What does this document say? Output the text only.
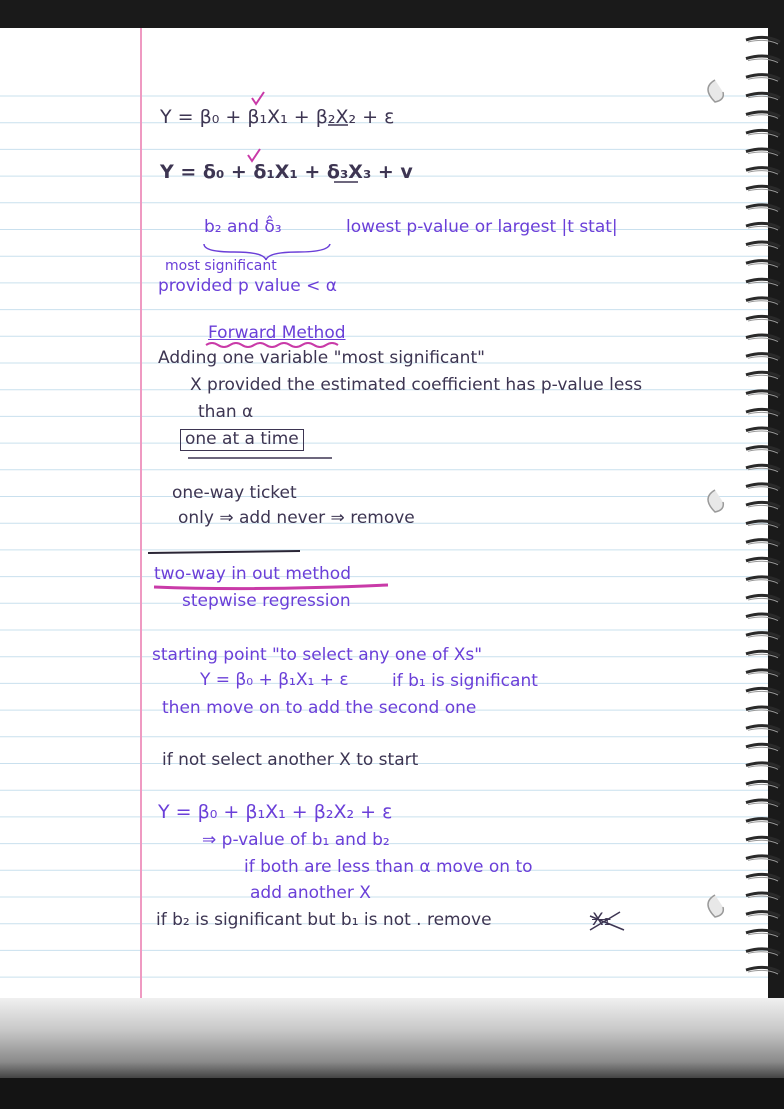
Y = β₀ + β₁X₁ + β₂X₂ + ε
Y = δ₀ + δ₁X₁ + δ₃X₃ + v
b₂ and δ̂₃	lowest p-value or largest |t stat|
most significant
provided p value < α
Forward Method
Adding one variable "most significant"
X provided the estimated coefficient has p-value less
than α
one at a time
one-way ticket
only ⇒ add never ⇒ remove
two-way in out method
stepwise regression
starting point "to select any one of Xs"
Y = β₀ + β₁X₁ + ε	if b₁ is significant
then move on to add the second one
if not select another X to start
Y = β₀ + β₁X₁ + β₂X₂ + ε
⇒ p-value of b₁ and b₂
if both are less than α move on to
add another X
if b₂ is significant but b₁ is not . remove	X₁
